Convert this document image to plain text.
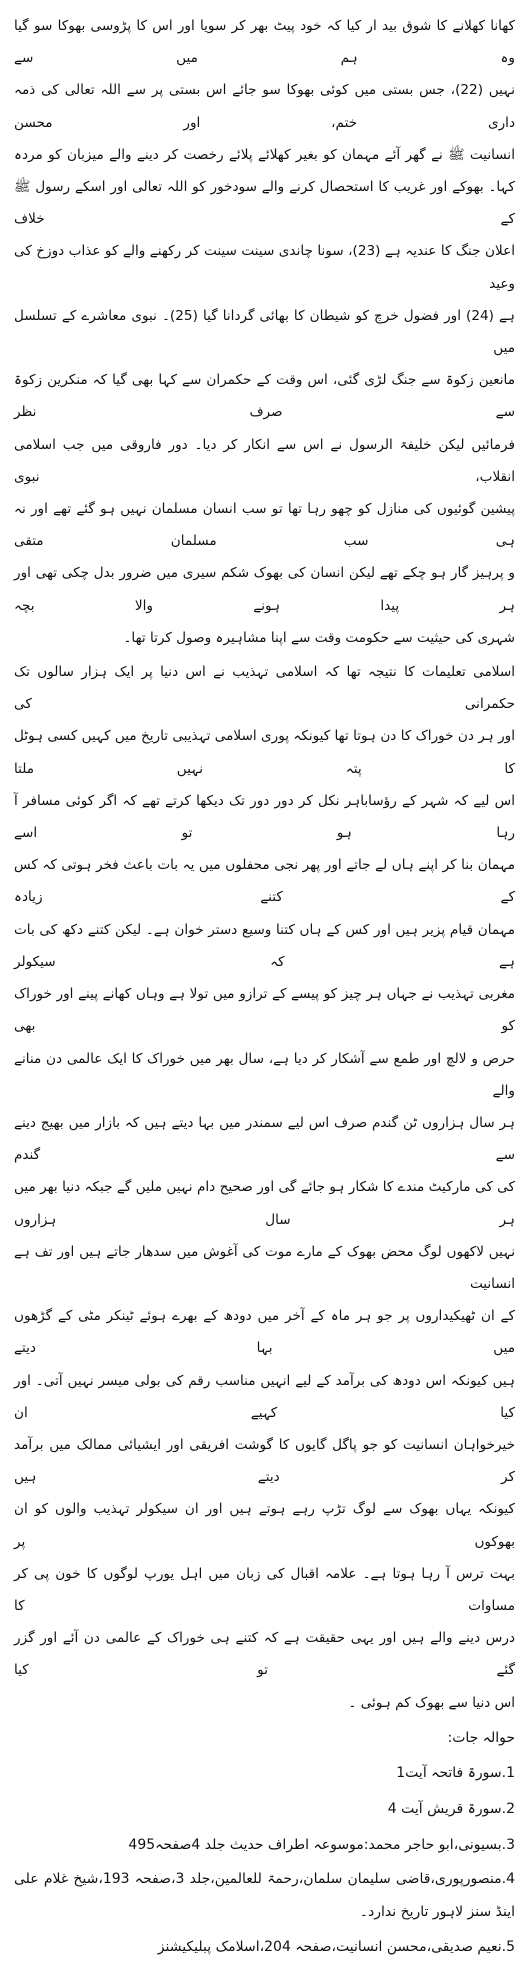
کھانا کھلانے کا شوق بید ار کیا کہ خود پیٹ بھر کر سویا اور اس کا پڑوسی بھوکا سو گیا وہ ہم میں سے
نہیں (22)، جس بستی میں کوئی بھوکا سو جائے اس بستی پر سے اللہ تعالی کی ذمہ داری ختم، اور محسن
انسانیت ﷺ نے گھر آئے مہمان کو بغیر کھلائے پلائے رخصت کر دینے والے میزبان کو مردہ
کہا۔ بھوکے اور غریب کا استحصال کرنے والے سودخور کو اللہ تعالی اور اسکے رسول ﷺ کے خلاف
اعلان جنگ کا عندیہ ہے (23)، سونا چاندی سینت سینت کر رکھنے والے کو عذاب دوزخ کی وعید
ہے (24) اور فضول خرچ کو شیطان کا بھائی گردانا گیا (25)۔ نبوی معاشرے کے تسلسل میں
مانعین زکوۃ سے جنگ لڑی گئی، اس وقت کے حکمران سے کہا بھی گیا کہ منکرین زکوۃ سے صرف نظر
فرمائیں لیکن خلیفۃ الرسول نے اس سے انکار کر دیا۔ دور فاروقی میں جب اسلامی انقلاب، نبوی
پیشین گوئیوں کی منازل کو چھو رہا تھا تو سب انسان مسلمان نہیں ہو گئے تھے اور نہ ہی سب مسلمان متقی
و پرہیز گار ہو چکے تھے لیکن انسان کی بھوک شکم سیری میں ضرور بدل چکی تھی اور ہر پیدا ہونے والا بچہ
شہری کی حیثیت سے حکومت وقت سے اپنا مشاہیرہ وصول کرتا تھا۔
اسلامی تعلیمات کا نتیجہ تھا کہ اسلامی تہذیب نے اس دنیا پر ایک ہزار سالوں تک حکمرانی کی
اور ہر دن خوراک کا دن ہوتا تھا کیونکہ پوری اسلامی تہذیبی تاریخ میں کہیں کسی ہوٹل کا پتہ نہیں ملتا
اس لیے کہ شہر کے رؤساباہر نکل کر دور دور تک دیکھا کرتے تھے کہ اگر کوئی مسافر آ رہا ہو تو اسے
مہمان بنا کر اپنے ہاں لے جاتے اور پھر نجی محفلوں میں یہ بات باعث فخر ہوتی کہ کس کے کتنے زیادہ
مہمان قیام پزیر ہیں اور کس کے ہاں کتنا وسیع دستر خوان ہے۔ لیکن کتنے دکھ کی بات ہے کہ سیکولر
مغربی تہذیب نے جہاں ہر چیز کو پیسے کے ترازو میں تولا ہے وہاں کھانے پینے اور خوراک کو بھی
حرص و لالچ اور طمع سے آشکار کر دیا ہے، سال بھر میں خوراک کا ایک عالمی دن منانے والے
ہر سال ہزاروں ٹن گندم صرف اس لیے سمندر میں بہا دیتے ہیں کہ بازار میں بھیج دینے سے گندم
کی کی مارکیٹ مندے کا شکار ہو جائے گی اور صحیح دام نہیں ملیں گے جبکہ دنیا بھر میں ہر سال ہزاروں
نہیں لاکھوں لوگ محض بھوک کے مارے موت کی آغوش میں سدھار جاتے ہیں اور تف ہے انسانیت
کے ان ٹھیکیداروں پر جو ہر ماہ کے آخر میں دودھ کے بھرے ہوئے ٹینکر مٹی کے گڑھوں میں بہا دیتے
ہیں کیونکہ اس دودھ کی برآمد کے لیے انہیں مناسب رقم کی بولی میسر نہیں آتی۔ اور کیا کہیے ان
خیرخواہان انسانیت کو جو پاگل گایوں کا گوشت افریقی اور ایشیائی ممالک میں برآمد کر دیتے ہیں
کیونکہ یہاں بھوک سے لوگ تڑپ رہے ہوتے ہیں اور ان سیکولر تہذیب والوں کو ان بھوکوں پر
بہت ترس آ رہا ہوتا ہے۔ علامہ اقبال کی زبان میں اہل یورپ لوگوں کا خون پی کر مساوات کا
درس دینے والے ہیں اور یہی حقیقت ہے کہ کتنے ہی خوراک کے عالمی دن آئے اور گزر گئے تو کیا
اس دنیا سے بھوک کم ہوئی ۔
حوالہ جات:
1.سورۃ فاتحہ آیت1
2.سورۃ قریش آیت 4
3.بسیونی،ابو حاجر محمد:موسوعہ اطراف حدیث جلد 4صفحہ495
4.منصورپوری،قاضی سلیمان سلمان،رحمۃ للعالمین،جلد 3،صفحہ 193،شیخ غلام علی اینڈ سنز لاہور تاریخ ندارد۔
5.نعیم صدیقی،محسن انسانیت،صفحہ 204،اسلامک پبلیکیشنز
